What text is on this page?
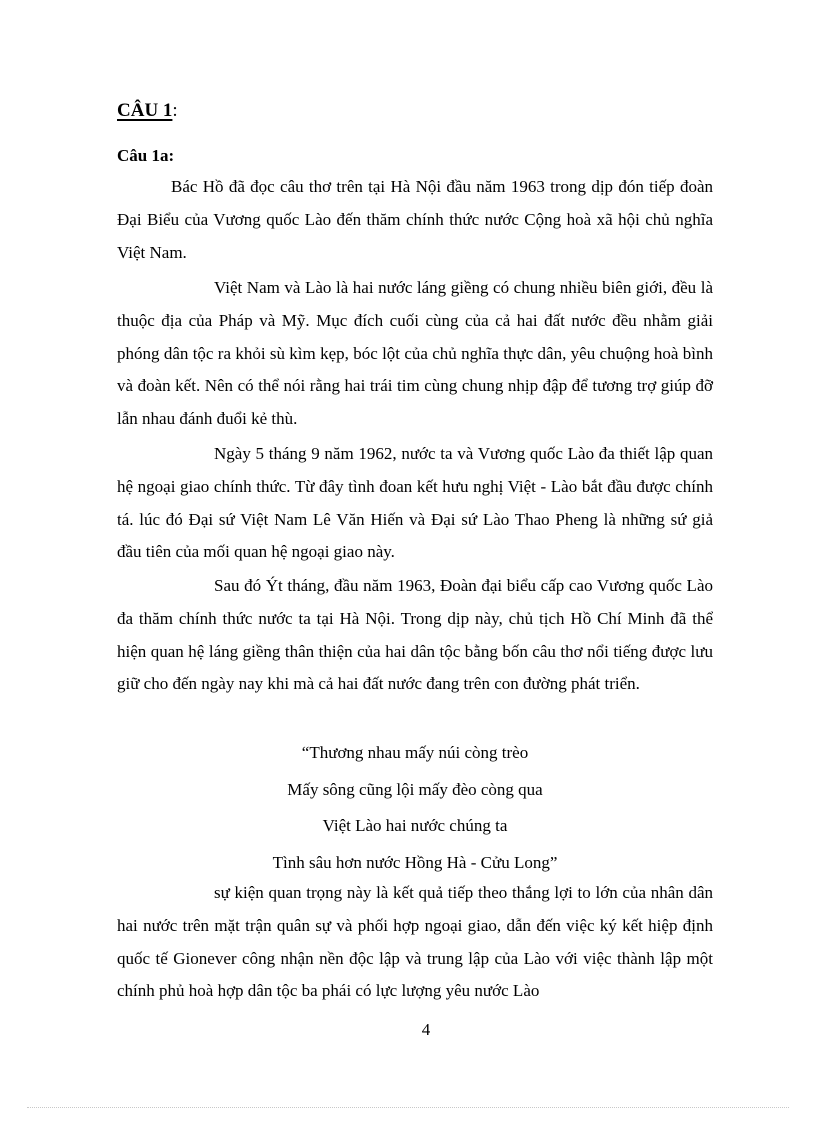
CÂU 1:
Câu 1a:

Bác Hồ đã đọc câu thơ trên tại Hà Nội đầu năm 1963 trong dịp đón tiếp đoàn Đại Biểu của Vương quốc Lào đến thăm chính thức nước Cộng hoà xã hội chủ nghĩa Việt Nam.

Việt Nam và Lào là hai nước láng giềng có chung nhiều biên giới, đều là thuộc địa của Pháp và Mỹ. Mục đích cuối cùng của cả hai đất nước đều nhằm giải phóng dân tộc ra khỏi sù kìm kẹp, bóc lột của chủ nghĩa thực dân, yêu chuộng hoà bình và đoàn kết. Nên có thể nói rằng hai trái tim cùng chung nhịp đập để tương trợ giúp đỡ lẫn nhau đánh đuổi kẻ thù.

Ngày 5 tháng 9 năm 1962, nước ta và Vương quốc Lào đa thiết lập quan hệ ngoại giao chính thức. Từ đây tình đoan kết hưu nghị Việt - Lào bắt đầu được chính tá. lúc đó Đại sứ Việt Nam Lê Văn Hiến và Đại sứ Lào Thao Pheng là những sứ giả đầu tiên của mối quan hệ ngoại giao này.

Sau đó Ýt tháng, đầu năm 1963, Đoàn đại biểu cấp cao Vương quốc Lào đa thăm chính thức nước ta tại Hà Nội. Trong dịp này, chủ tịch Hồ Chí Minh đã thể hiện quan hệ láng giềng thân thiện của hai dân tộc bằng bốn câu thơ nổi tiếng được lưu giữ cho đến ngày nay khi mà cả hai đất nước đang trên con đường phát triển.

“Thương nhau mấy núi còng trèo
Mấy sông cũng lội mấy đèo còng qua
Việt Lào hai nước chúng ta
Tình sâu hơn nước Hồng Hà - Cửu Long”

sự kiện quan trọng này là kết quả tiếp theo thắng lợi to lớn của nhân dân hai nước trên mặt trận quân sự và phối hợp ngoại giao, dẫn đến việc ký kết hiệp định quốc tế Gionever công nhận nền độc lập và trung lập của Lào với việc thành lập một chính phủ hoà hợp dân tộc ba phái có lực lượng yêu nước Lào

4
